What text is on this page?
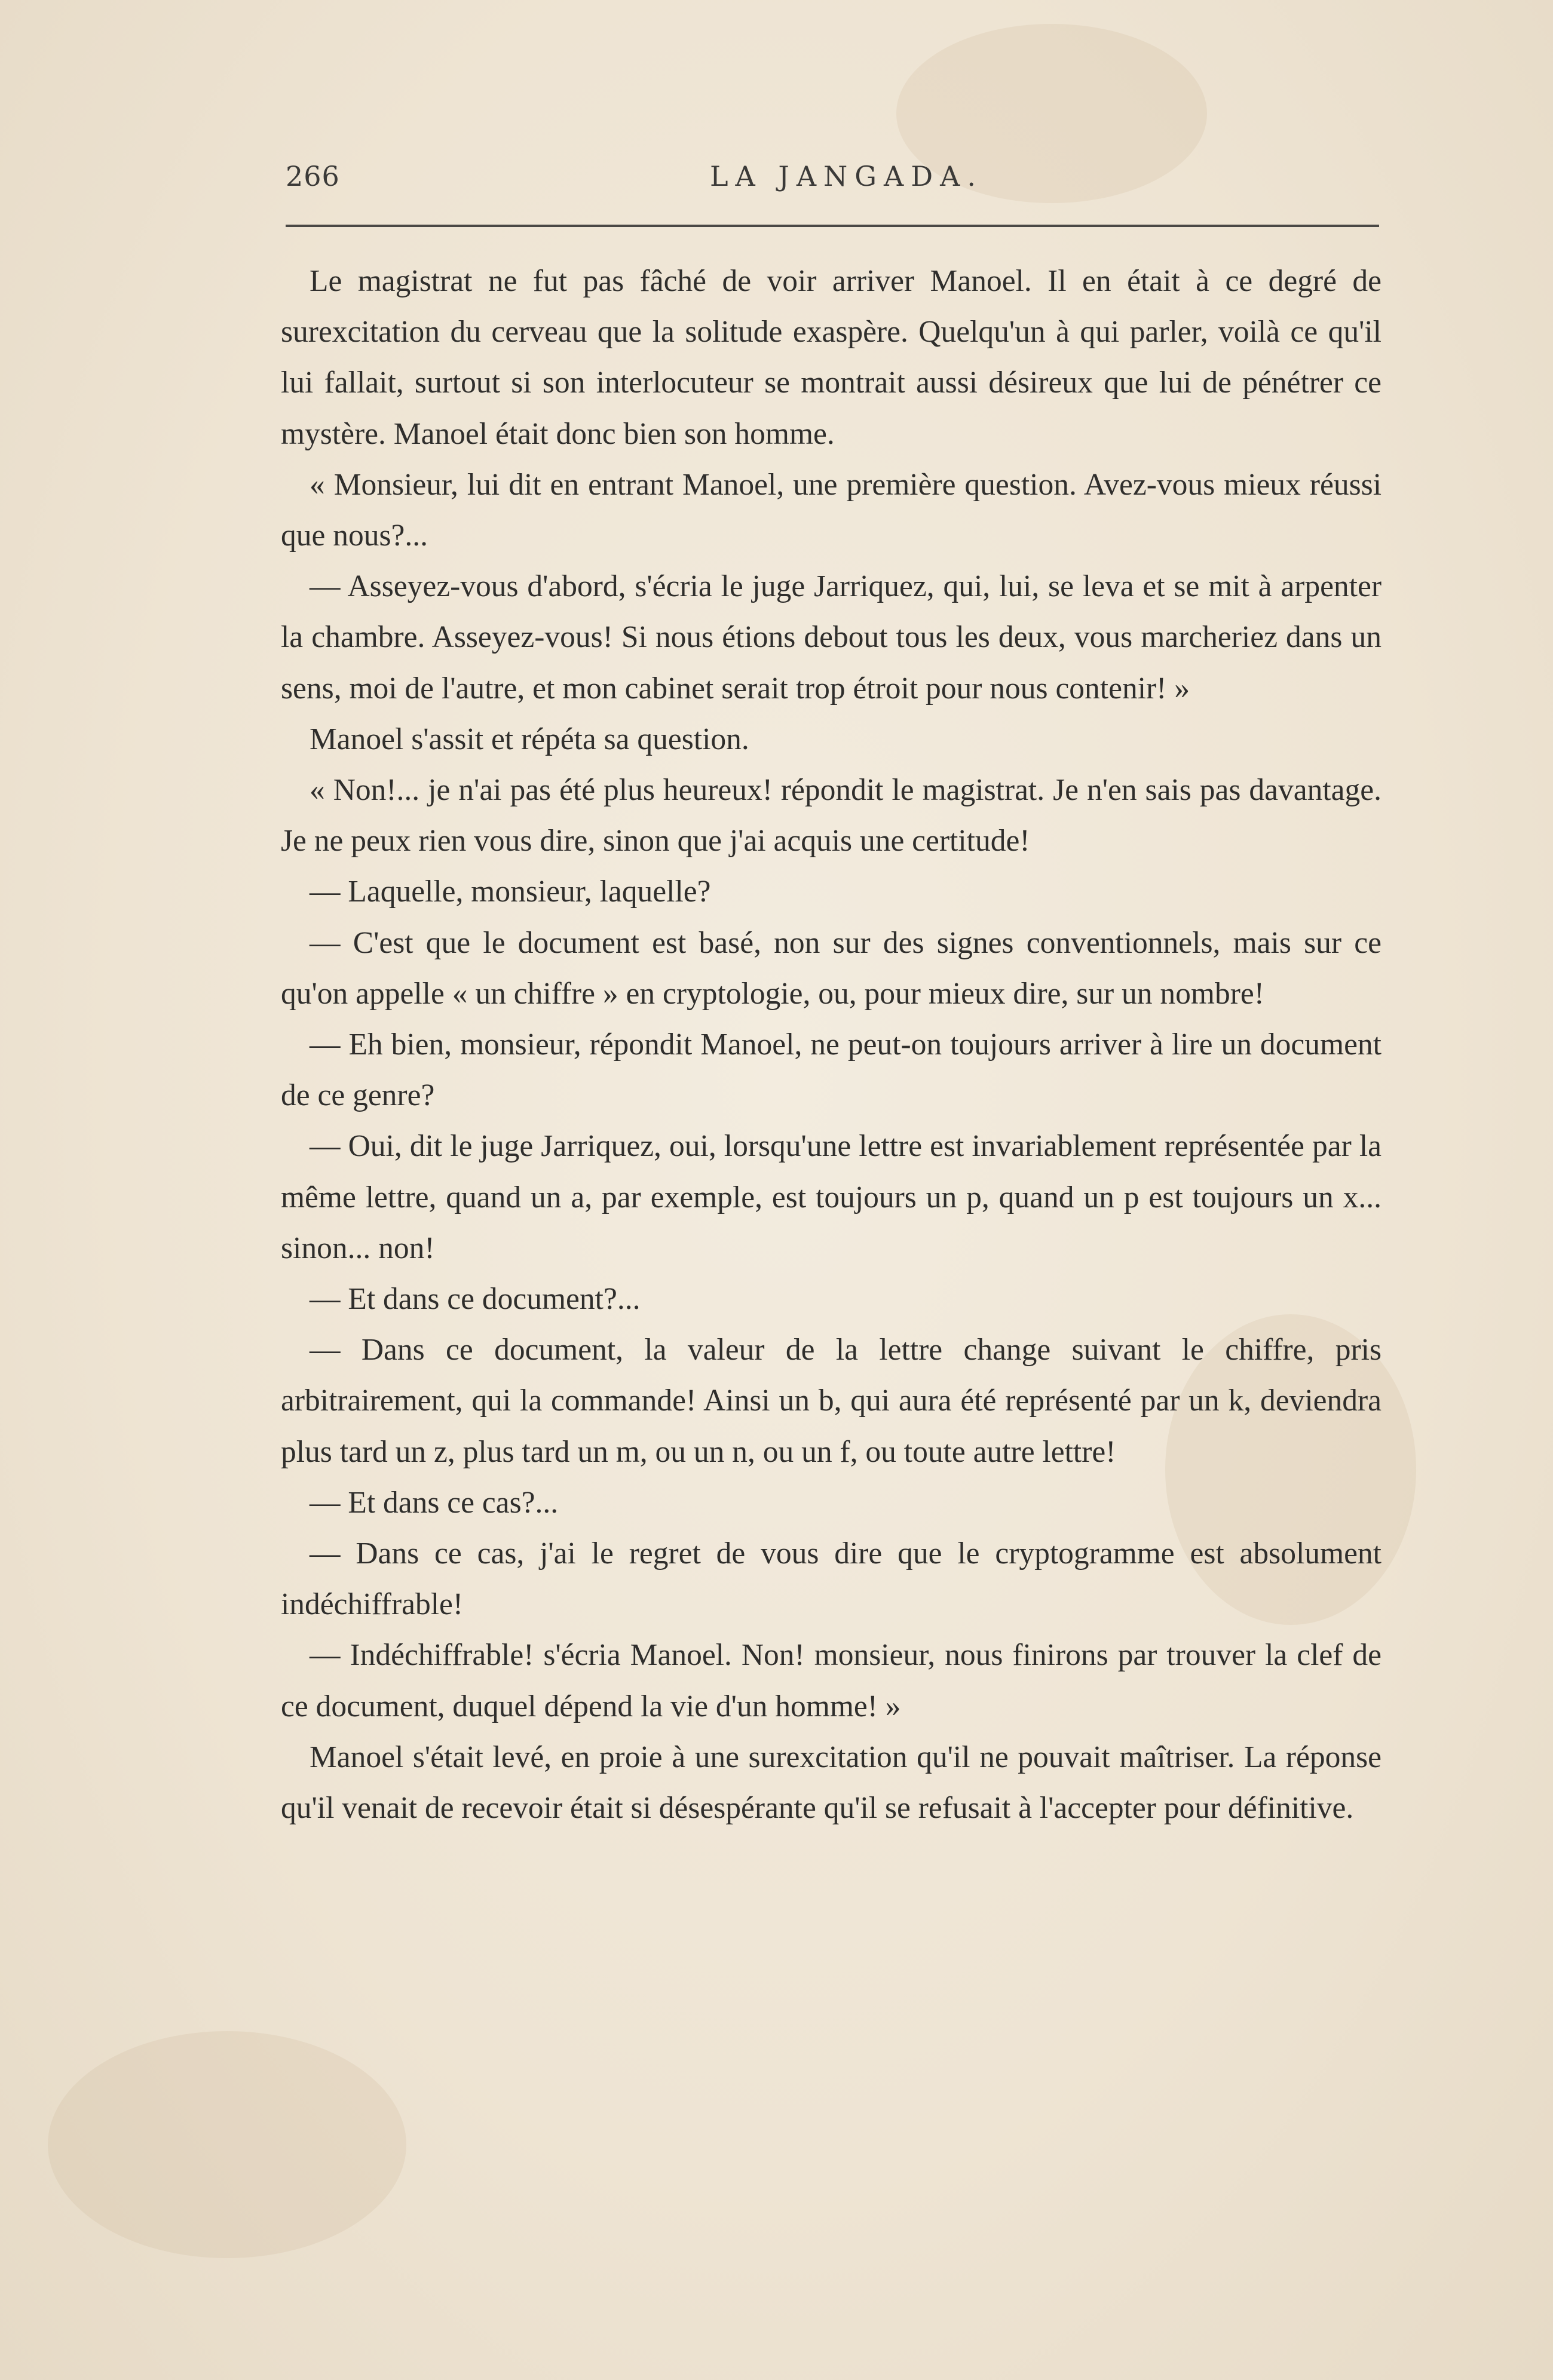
266	LA JANGADA.

Le magistrat ne fut pas fâché de voir arriver Manoel. Il en était à ce degré de surexcitation du cerveau que la solitude exaspère. Quelqu'un à qui parler, voilà ce qu'il lui fallait, surtout si son interlocuteur se montrait aussi désireux que lui de pénétrer ce mystère. Manoel était donc bien son homme.

« Monsieur, lui dit en entrant Manoel, une première question. Avez-vous mieux réussi que nous?...

— Asseyez-vous d'abord, s'écria le juge Jarriquez, qui, lui, se leva et se mit à arpenter la chambre. Asseyez-vous! Si nous étions debout tous les deux, vous marcheriez dans un sens, moi de l'autre, et mon cabinet serait trop étroit pour nous contenir! »

Manoel s'assit et répéta sa question.

« Non!... je n'ai pas été plus heureux! répondit le magistrat. Je n'en sais pas davantage. Je ne peux rien vous dire, sinon que j'ai acquis une certitude!

— Laquelle, monsieur, laquelle?

— C'est que le document est basé, non sur des signes conventionnels, mais sur ce qu'on appelle « un chiffre » en cryptologie, ou, pour mieux dire, sur un nombre!

— Eh bien, monsieur, répondit Manoel, ne peut-on toujours arriver à lire un document de ce genre?

— Oui, dit le juge Jarriquez, oui, lorsqu'une lettre est invariablement représentée par la même lettre, quand un a, par exemple, est toujours un p, quand un p est toujours un x... sinon... non!

— Et dans ce document?...

— Dans ce document, la valeur de la lettre change suivant le chiffre, pris arbitrairement, qui la commande! Ainsi un b, qui aura été représenté par un k, deviendra plus tard un z, plus tard un m, ou un n, ou un f, ou toute autre lettre!

— Et dans ce cas?...

— Dans ce cas, j'ai le regret de vous dire que le cryptogramme est absolument indéchiffrable!

— Indéchiffrable! s'écria Manoel. Non! monsieur, nous finirons par trouver la clef de ce document, duquel dépend la vie d'un homme! »

Manoel s'était levé, en proie à une surexcitation qu'il ne pouvait maîtriser. La réponse qu'il venait de recevoir était si désespérante qu'il se refusait à l'accepter pour définitive.
